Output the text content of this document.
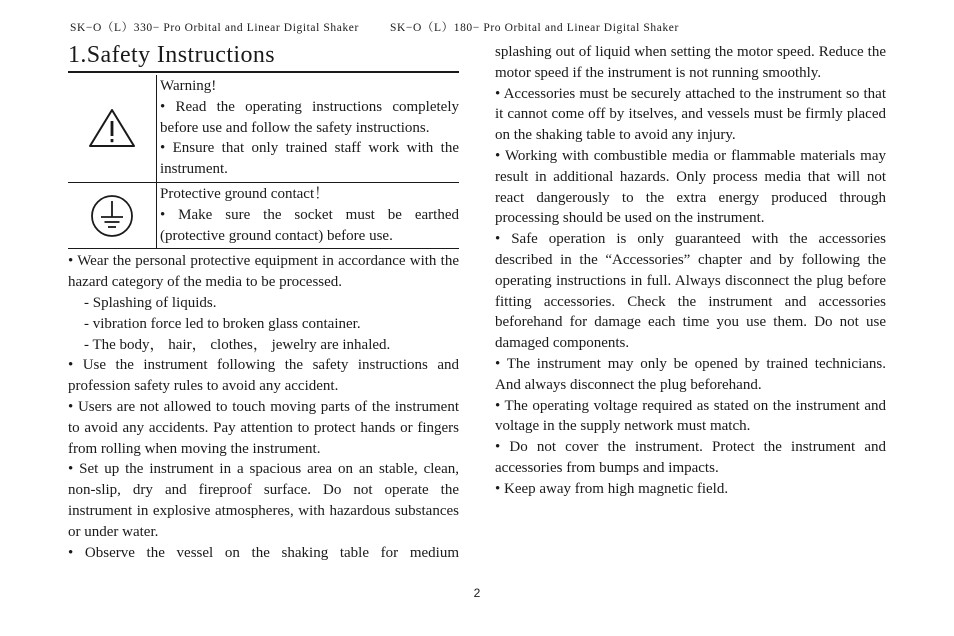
SK−O（L）330− Pro Orbital and Linear Digital Shaker	SK−O（L）180− Pro Orbital and Linear Digital Shaker
1.Safety Instructions

Warning!

• Read the operating instructions completely before use and follow the safety instructions.

• Ensure that only trained staff work with the instrument.

Protective ground contact！

• Make sure the socket must be earthed (protective ground contact) before use.

• Wear the personal protective equipment in accordance with the hazard category of the media to be processed.

- Splashing of liquids.

- vibration force led to broken glass container.

- The body， hair， clothes， jewelry are inhaled.

• Use the instrument following the safety instructions and profession safety rules to avoid any accident.

• Users are not allowed to touch moving parts of the instrument to avoid any accidents. Pay attention to protect hands or fingers from rolling when moving the instrument.

• Set up the instrument in a spacious area on an stable, clean, non-slip, dry and fireproof surface. Do not operate the instrument in explosive atmospheres, with hazardous substances or under water.

• Observe the vessel on the shaking table for medium

splashing out of liquid when setting the motor speed. Reduce the motor speed if the instrument is not running smoothly.

• Accessories must be securely attached to the instrument so that it cannot come off by itselves, and vessels must be firmly placed on the shaking table to avoid any injury.

• Working with combustible media or flammable materials may result in additional hazards. Only process media that will not react dangerously to the extra energy produced through processing should be used on the instrument.

• Safe operation is only guaranteed with the accessories described in the “Accessories” chapter and by following the operating instructions in full. Always disconnect the plug before fitting accessories. Check the instrument and accessories beforehand for damage each time you use them. Do not use damaged components.

• The instrument may only be opened by trained technicians. And always disconnect the plug beforehand.

• The operating voltage required as stated on the instrument and voltage in the supply network must match.

• Do not cover the instrument. Protect the instrument and accessories from bumps and impacts.

• Keep away from high magnetic field.

2
